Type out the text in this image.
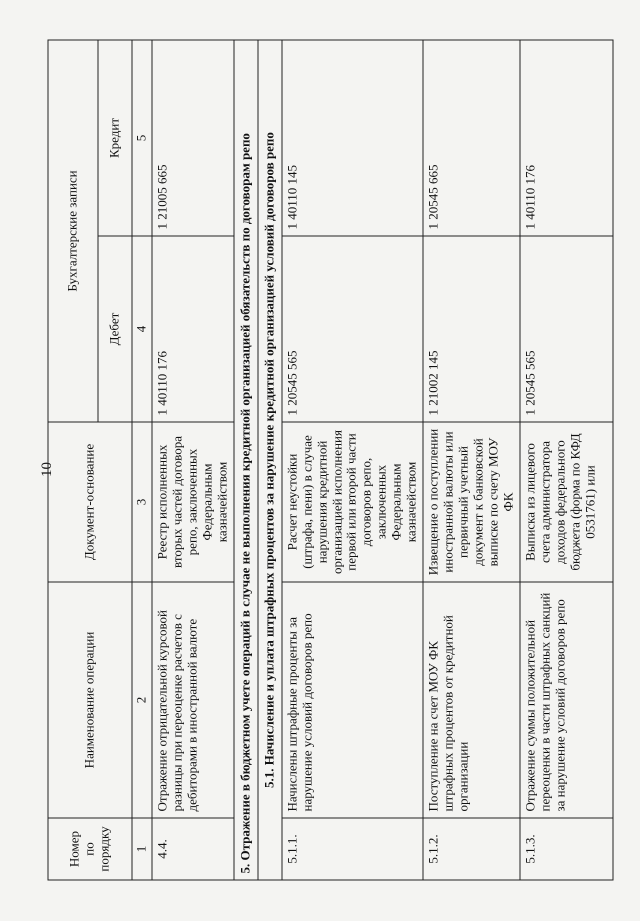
10
Номер по порядку	Наименование операции	Документ-основание	Бухгалтерские записи	
			Дебет	Кредит
1	2	3	4	5
4.4.	Отражение отрицательной курсовой разницы при переоценке расчетов с дебиторами в иностранной валюте	Реестр исполненных вторых частей договора репо, заключенных Федеральным казначейством	1 40110 176	1 21005 665
5. Отражение в бюджетном учете операций в случае не выполнения кредитной организацией обязательств по договорам репо				
5.1. Начисление и уплата штрафных процентов за нарушение кредитной организацией условий договоров репо				
5.1.1.	Начислены штрафные проценты за нарушение условий договоров репо	Расчет неустойки (штрафа, пени) в случае нарушения кредитной организацией исполнения первой или второй части договоров репо, заключенных Федеральным казначейством	1 20545 565	1 40110 145
5.1.2.	Поступление на счет МОУ ФК штрафных процентов от кредитной организации	Извещение о поступлении иностранной валюты или первичный учетный документ к банковской выписке по счету МОУ ФК	1 21002 145	1 20545 665
5.1.3.	Отражение суммы положительной переоценки в части штрафных санкций за нарушение условий договоров репо	Выписка из лицевого счета администратора доходов федерального бюджета (форма по КФД 0531761) или	1 20545 565	1 40110 176
